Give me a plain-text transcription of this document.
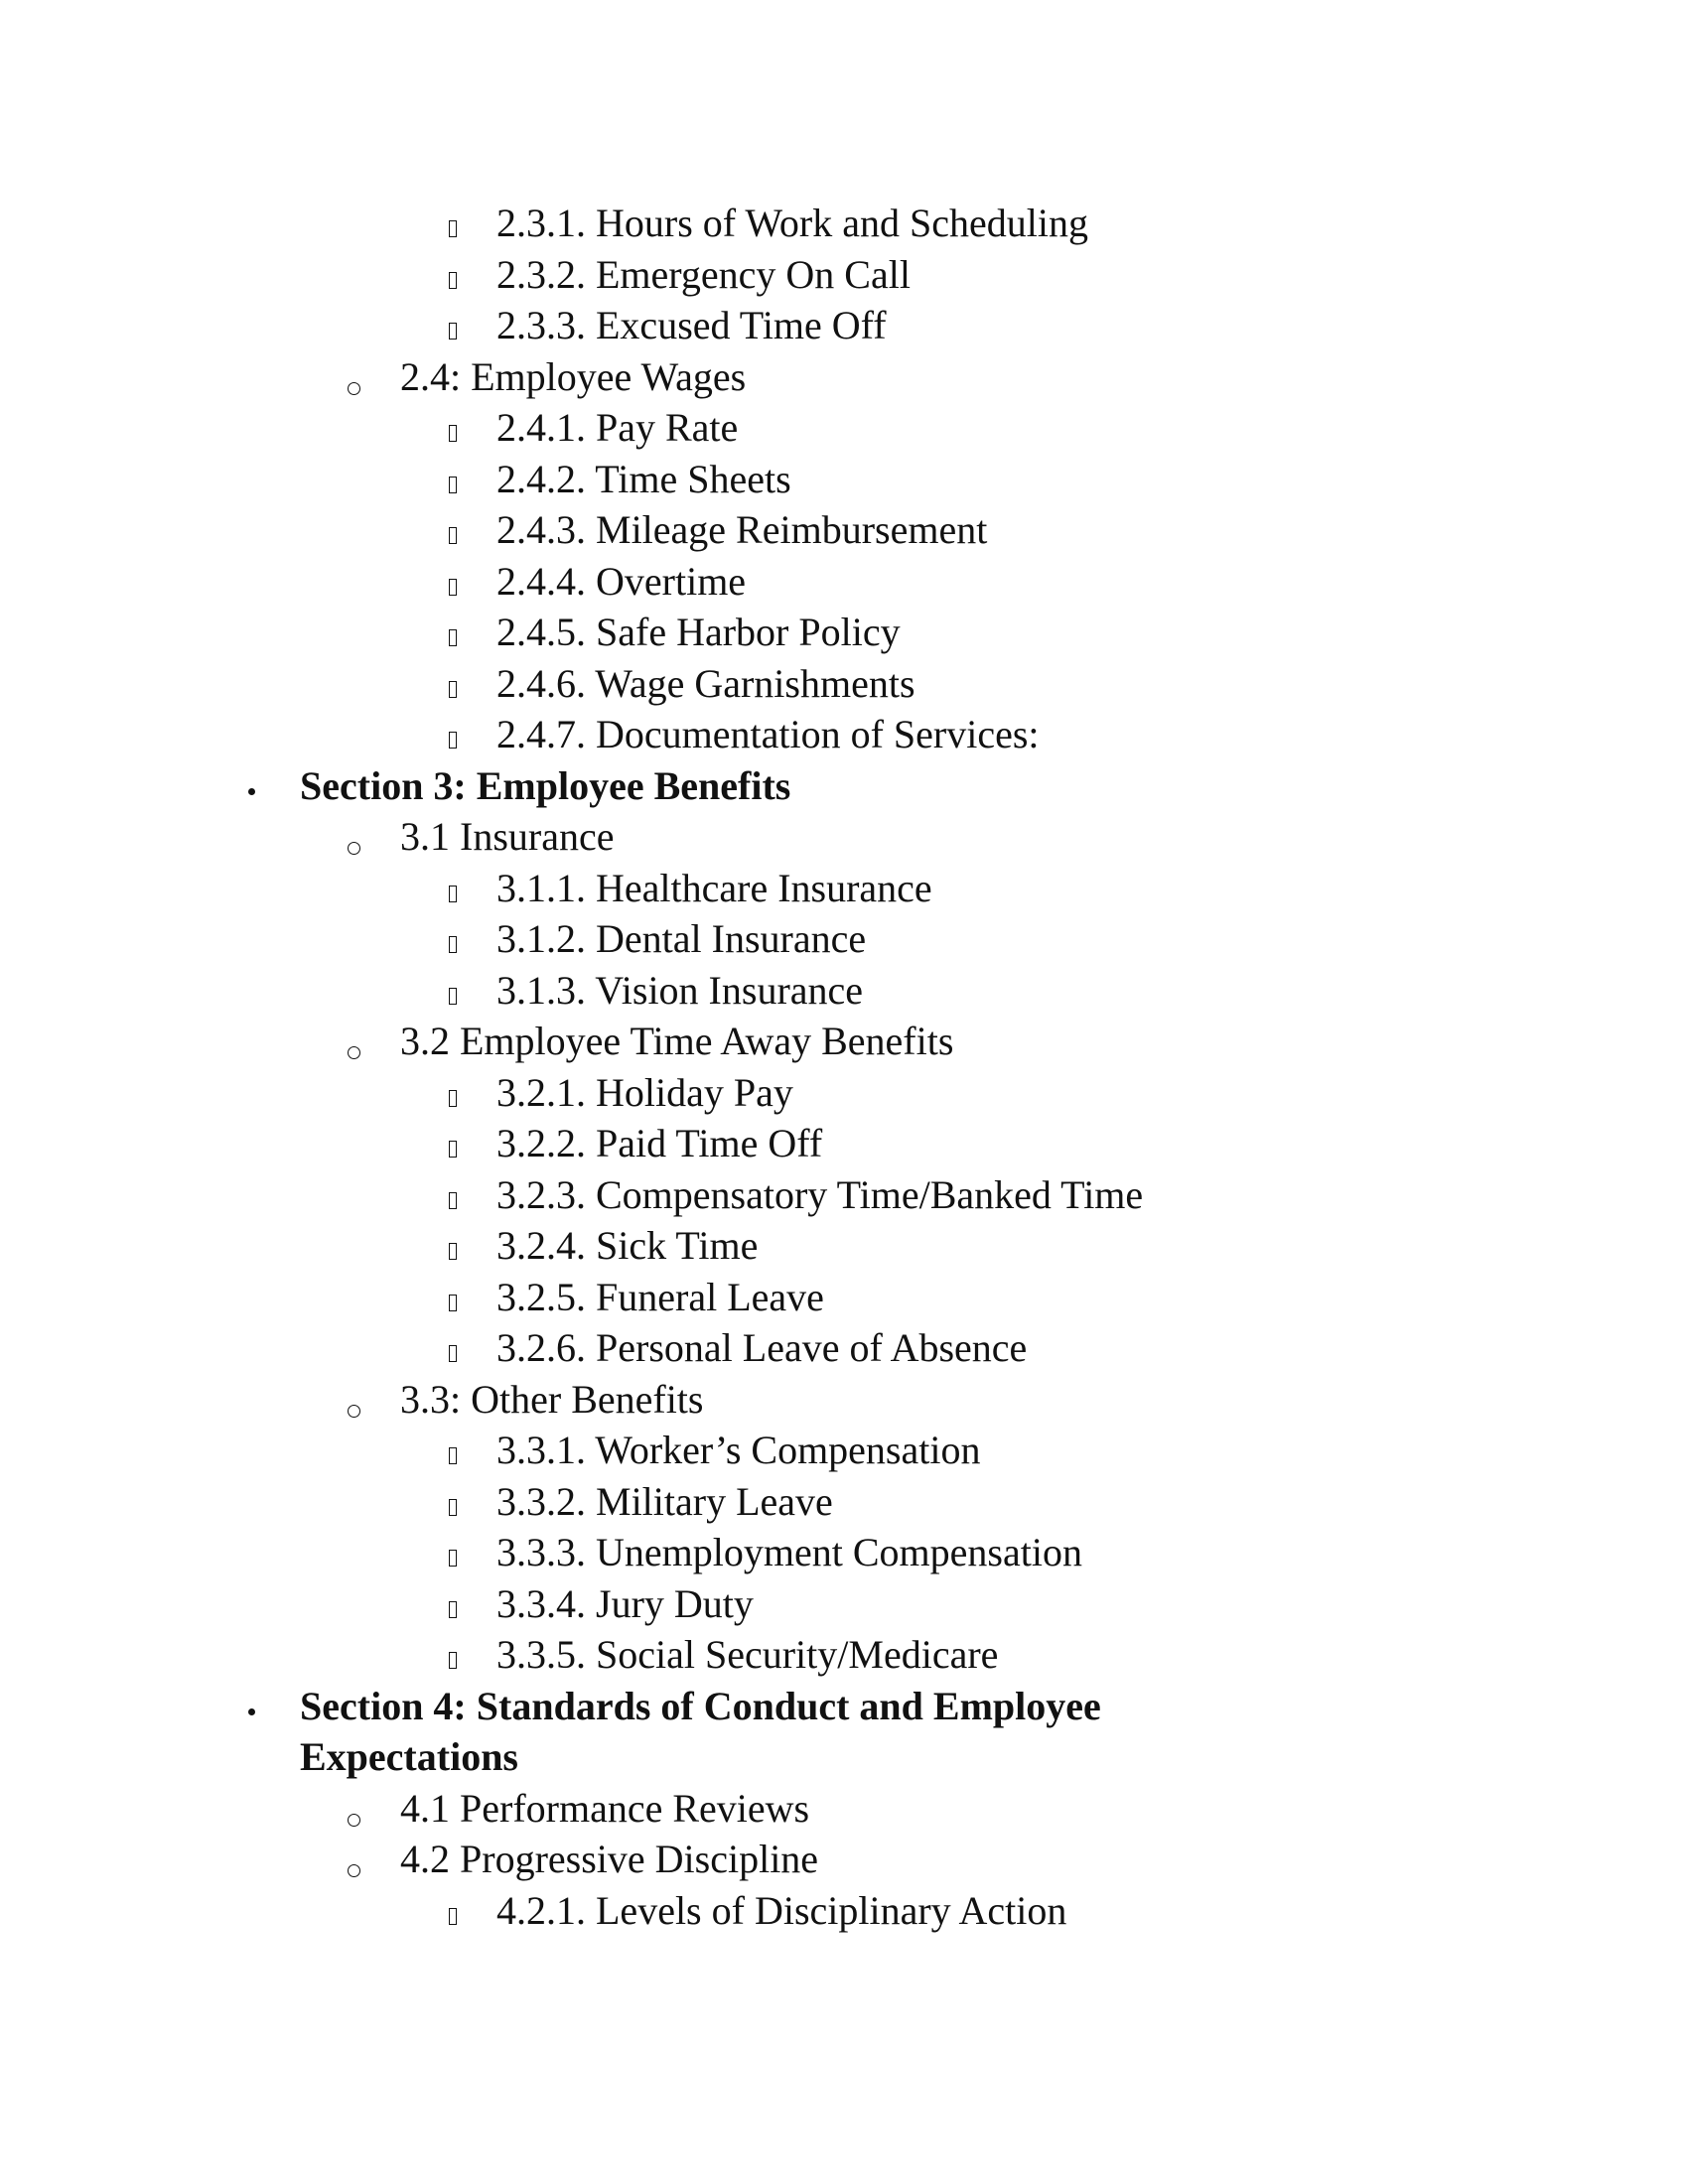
2.3.1. Hours of Work and Scheduling
2.3.2. Emergency On Call
2.3.3. Excused Time Off
2.4: Employee Wages
2.4.1. Pay Rate
2.4.2. Time Sheets
2.4.3. Mileage Reimbursement
2.4.4. Overtime
2.4.5. Safe Harbor Policy
2.4.6. Wage Garnishments
2.4.7. Documentation of Services:
Section 3: Employee Benefits
3.1 Insurance
3.1.1. Healthcare Insurance
3.1.2. Dental Insurance
3.1.3. Vision Insurance
3.2 Employee Time Away Benefits
3.2.1. Holiday Pay
3.2.2. Paid Time Off
3.2.3. Compensatory Time/Banked Time
3.2.4. Sick Time
3.2.5. Funeral Leave
3.2.6. Personal Leave of Absence
3.3: Other Benefits
3.3.1. Worker’s Compensation
3.3.2. Military Leave
3.3.3. Unemployment Compensation
3.3.4. Jury Duty
3.3.5. Social Security/Medicare
Section 4: Standards of Conduct and Employee Expectations
4.1 Performance Reviews
4.2 Progressive Discipline
4.2.1. Levels of Disciplinary Action
